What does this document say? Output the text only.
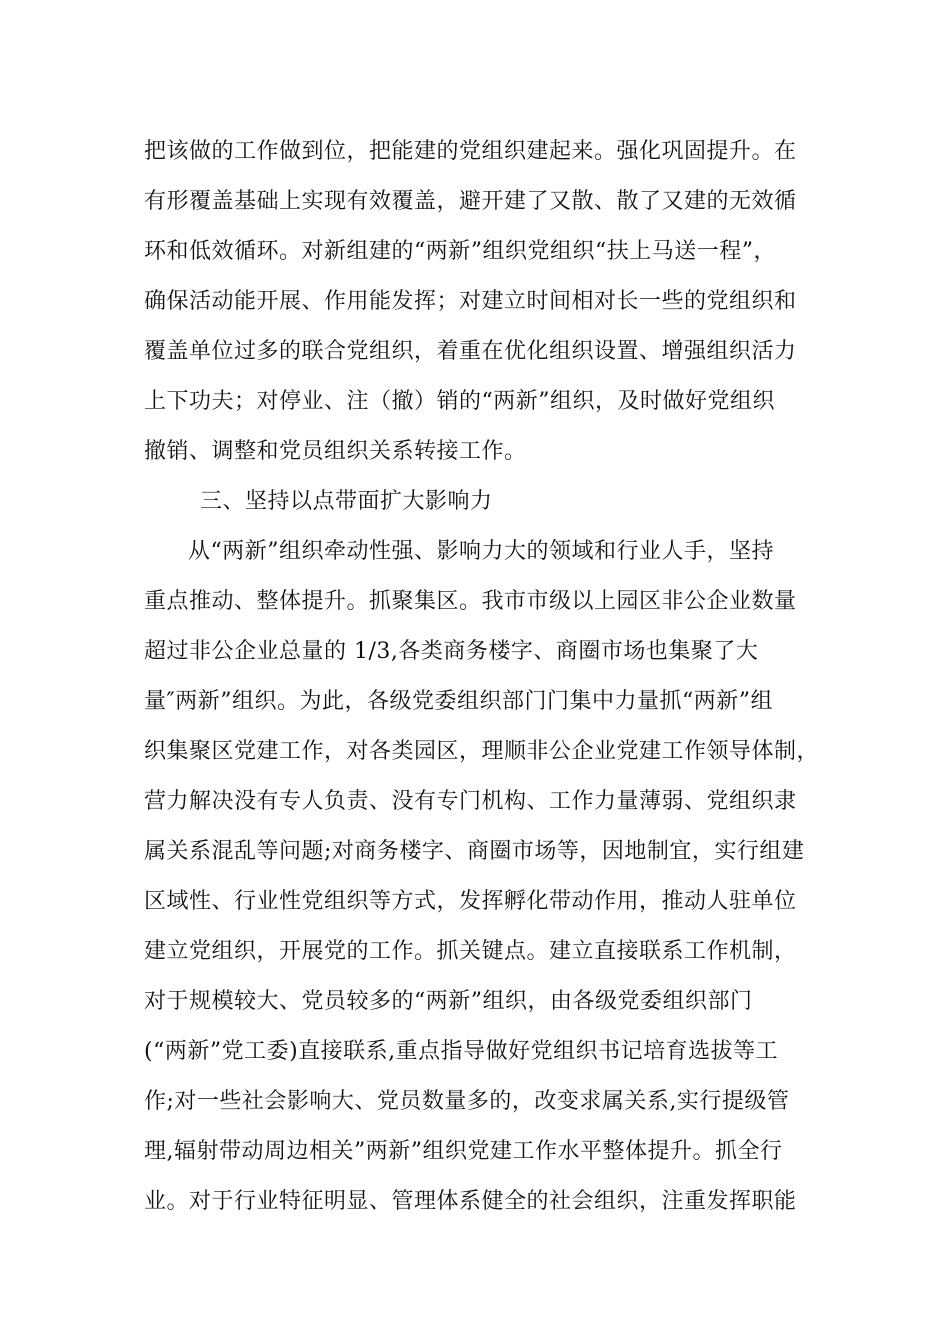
把该做的工作做到位，把能建的党组织建起来。强化巩固提升。在
有形覆盖基础上实现有效覆盖，避开建了又散、散了又建的无效循
环和低效循环。对新组建的“两新”组织党组织“扶上马送一程”，
确保活动能开展、作用能发挥；对建立时间相对长一些的党组织和
覆盖单位过多的联合党组织，着重在优化组织设置、增强组织活力
上下功夫；对停业、注（撤）销的“两新”组织，及时做好党组织
撤销、调整和党员组织关系转接工作。
三、坚持以点带面扩大影响力
从“两新”组织牵动性强、影响力大的领域和行业人手，坚持
重点推动、整体提升。抓聚集区。我市市级以上园区非公企业数量
超过非公企业总量的 1/3,各类商务楼字、商圈市场也集聚了大
量″两新”组织。为此，各级党委组织部门门集中力量抓“两新”组
织集聚区党建工作，对各类园区，理顺非公企业党建工作领导体制，
营力解决没有专人负责、没有专门机构、工作力量薄弱、党组织隶
属关系混乱等问题;对商务楼字、商圈市场等，因地制宜，实行组建
区域性、行业性党组织等方式，发挥孵化带动作用，推动人驻单位
建立党组织，开展党的工作。抓关键点。建立直接联系工作机制，
对于规模较大、党员较多的“两新”组织，由各级党委组织部门
(“两新”党工委)直接联系,重点指导做好党组织书记培育选拔等工
作;对一些社会影响大、党员数量多的，改变求属关系,实行提级管
理,辐射带动周边相关”两新”组织党建工作水平整体提升。抓全行
业。对于行业特征明显、管理体系健全的社会组织，注重发挥职能
